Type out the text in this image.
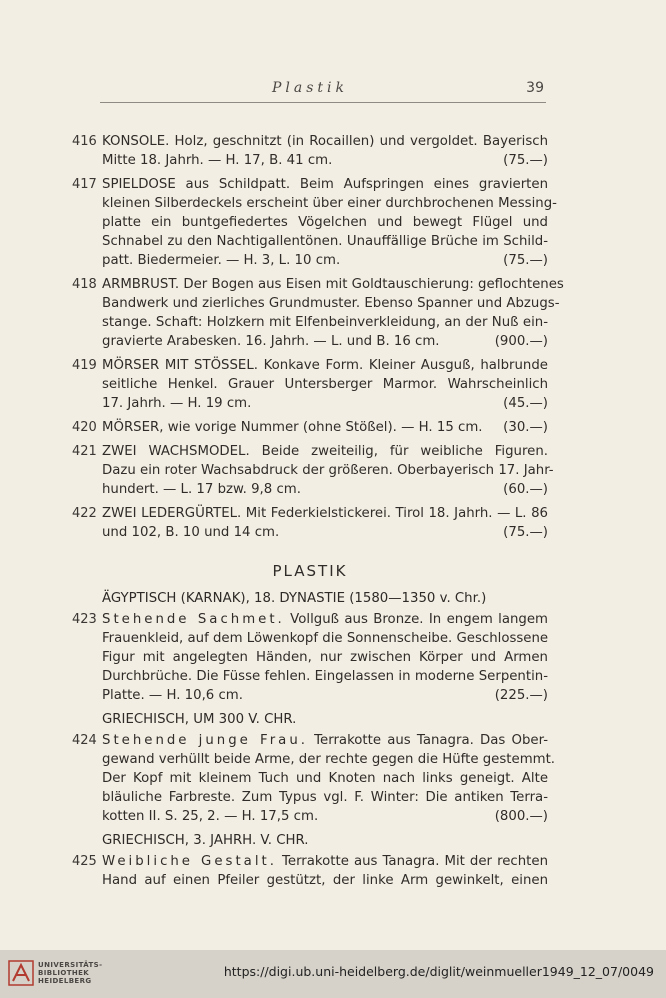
Plastik	39
416 KONSOLE. Holz, geschnitzt (in Rocaillen) und vergoldet. Bayerisch
Mitte 18. Jahrh. — H. 17, B. 41 cm.	(75.—)
417 SPIELDOSE aus Schildpatt. Beim Aufspringen eines gravierten
kleinen Silberdeckels erscheint über einer durchbrochenen Messing-
platte ein buntgefiedertes Vögelchen und bewegt Flügel und
Schnabel zu den Nachtigallentönen. Unauffällige Brüche im Schild-
patt. Biedermeier. — H. 3, L. 10 cm.	(75.—)
418 ARMBRUST. Der Bogen aus Eisen mit Goldtauschierung: geflochtenes
Bandwerk und zierliches Grundmuster. Ebenso Spanner und Abzugs-
stange. Schaft: Holzkern mit Elfenbeinverkleidung, an der Nuß ein-
gravierte Arabesken. 16. Jahrh. — L. und B. 16 cm.	(900.—)
419 MÖRSER MIT STÖSSEL. Konkave Form. Kleiner Ausguß, halbrunde
seitliche Henkel. Grauer Untersberger Marmor. Wahrscheinlich
17. Jahrh. — H. 19 cm.	(45.—)
420 MÖRSER, wie vorige Nummer (ohne Stößel). — H. 15 cm.	(30.—)
421 ZWEI WACHSMODEL. Beide zweiteilig, für weibliche Figuren.
Dazu ein roter Wachsabdruck der größeren. Oberbayerisch 17. Jahr-
hundert. — L. 17 bzw. 9,8 cm.	(60.—)
422 ZWEI LEDERGÜRTEL. Mit Federkielstickerei. Tirol 18. Jahrh. — L. 86
und 102, B. 10 und 14 cm.	(75.—)
PLASTIK
ÄGYPTISCH (KARNAK), 18. DYNASTIE (1580—1350 v. Chr.)
423 Stehende Sachmet. Vollguß aus Bronze. In engem langem
Frauenkleid, auf dem Löwenkopf die Sonnenscheibe. Geschlossene
Figur mit angelegten Händen, nur zwischen Körper und Armen
Durchbrüche. Die Füsse fehlen. Eingelassen in moderne Serpentin-
Platte. — H. 10,6 cm.	(225.—)
GRIECHISCH, UM 300 V. CHR.
424 Stehende junge Frau. Terrakotte aus Tanagra. Das Ober-
gewand verhüllt beide Arme, der rechte gegen die Hüfte gestemmt.
Der Kopf mit kleinem Tuch und Knoten nach links geneigt. Alte
bläuliche Farbreste. Zum Typus vgl. F. Winter: Die antiken Terra-
kotten II. S. 25, 2. — H. 17,5 cm.	(800.—)
GRIECHISCH, 3. JAHRH. V. CHR.
425 Weibliche Gestalt. Terrakotte aus Tanagra. Mit der rechten
Hand auf einen Pfeiler gestützt, der linke Arm gewinkelt, einen
UNIVERSITÄTS-
BIBLIOTHEK
HEIDELBERG
https://digi.ub.uni-heidelberg.de/diglit/weinmueller1949_12_07/0049
